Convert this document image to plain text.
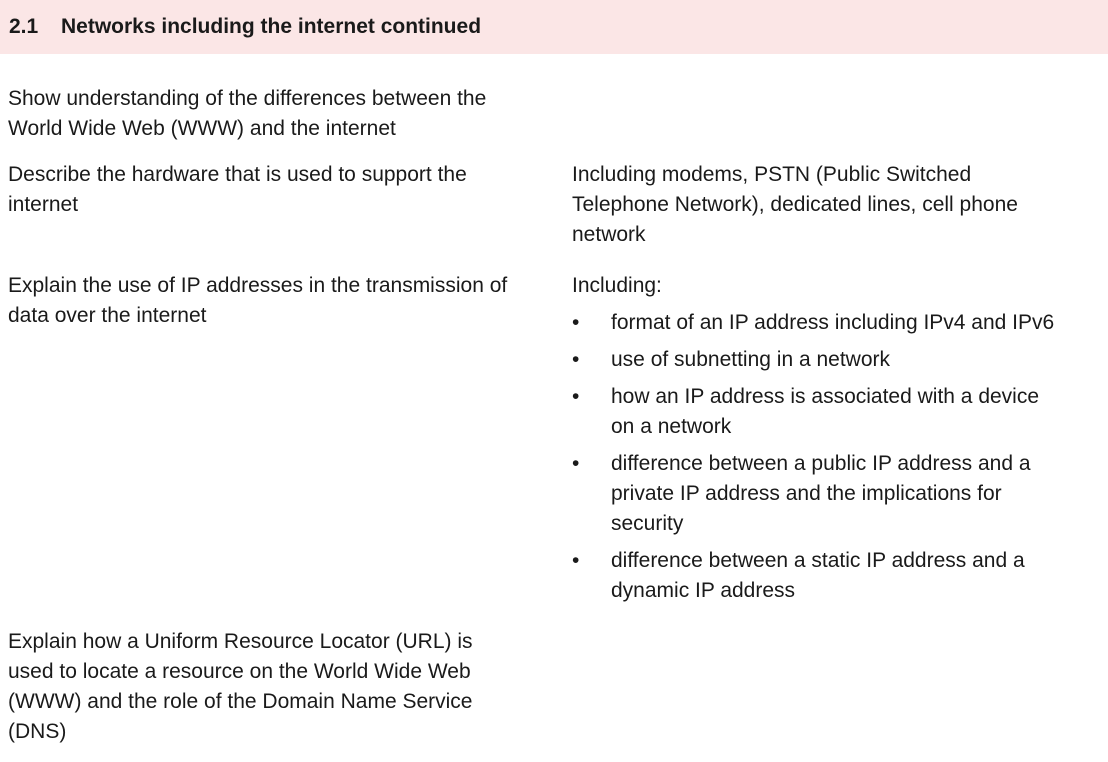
2.1	Networks including the internet continued
Show understanding of the differences between the World Wide Web (WWW) and the internet
Describe the hardware that is used to support the internet
Including modems, PSTN (Public Switched Telephone Network), dedicated lines, cell phone network
Explain the use of IP addresses in the transmission of data over the internet
Including:
• format of an IP address including IPv4 and IPv6
• use of subnetting in a network
• how an IP address is associated with a device on a network
• difference between a public IP address and a private IP address and the implications for security
• difference between a static IP address and a dynamic IP address
Explain how a Uniform Resource Locator (URL) is used to locate a resource on the World Wide Web (WWW) and the role of the Domain Name Service (DNS)
